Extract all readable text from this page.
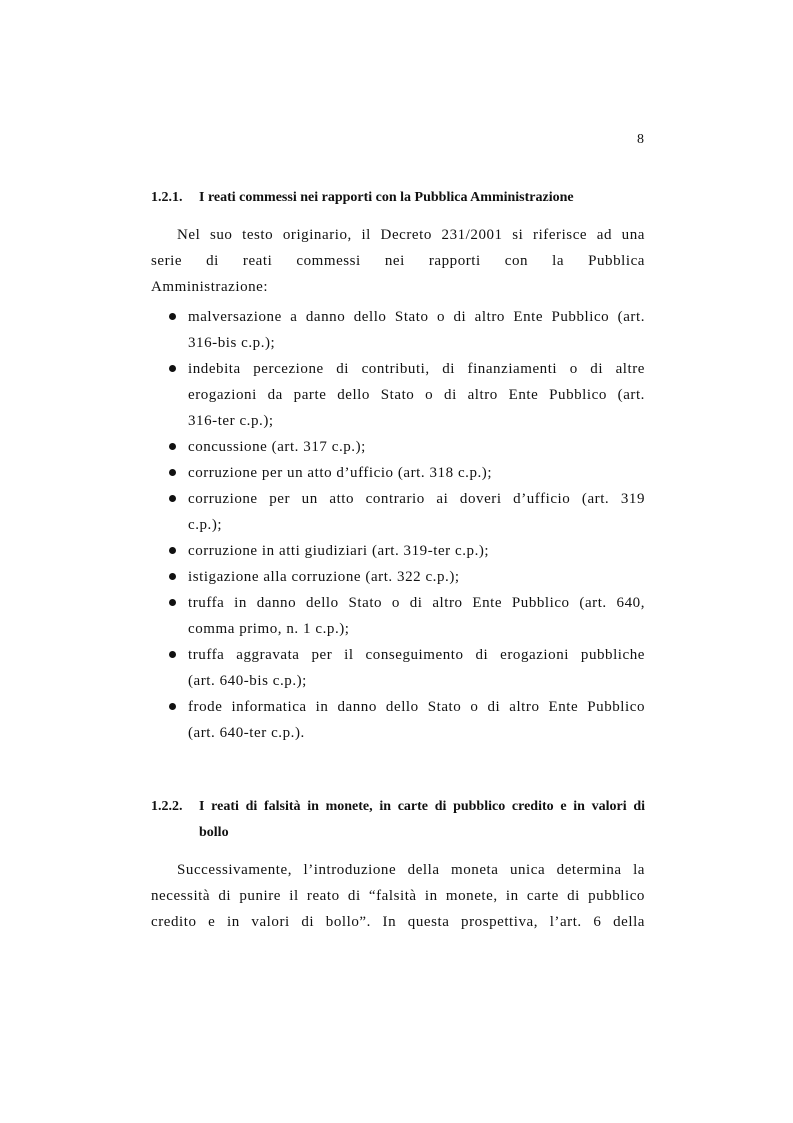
8
1.2.1. I reati commessi nei rapporti con la Pubblica Amministrazione
Nel suo testo originario, il Decreto 231/2001 si riferisce ad una
serie di reati commessi nei rapporti con la Pubblica
Amministrazione:
malversazione a danno dello Stato o di altro Ente Pubblico (art.
316-bis c.p.);
indebita percezione di contributi, di finanziamenti o di altre
erogazioni da parte dello Stato o di altro Ente Pubblico (art.
316-ter c.p.);
concussione (art. 317 c.p.);
corruzione per un atto d’ufficio (art. 318 c.p.);
corruzione per un atto contrario ai doveri d’ufficio (art. 319
c.p.);
corruzione in atti giudiziari (art. 319-ter c.p.);
istigazione alla corruzione (art. 322 c.p.);
truffa in danno dello Stato o di altro Ente Pubblico (art. 640,
comma primo, n. 1 c.p.);
truffa aggravata per il conseguimento di erogazioni pubbliche
(art. 640-bis c.p.);
frode informatica in danno dello Stato o di altro Ente Pubblico
(art. 640-ter c.p.).
1.2.2. I reati di falsità in monete, in carte di pubblico credito e in valori di
bollo
Successivamente, l’introduzione della moneta unica determina la
necessità di punire il reato di “falsità in monete, in carte di pubblico
credito e in valori di bollo”. In questa prospettiva, l’art. 6 della
